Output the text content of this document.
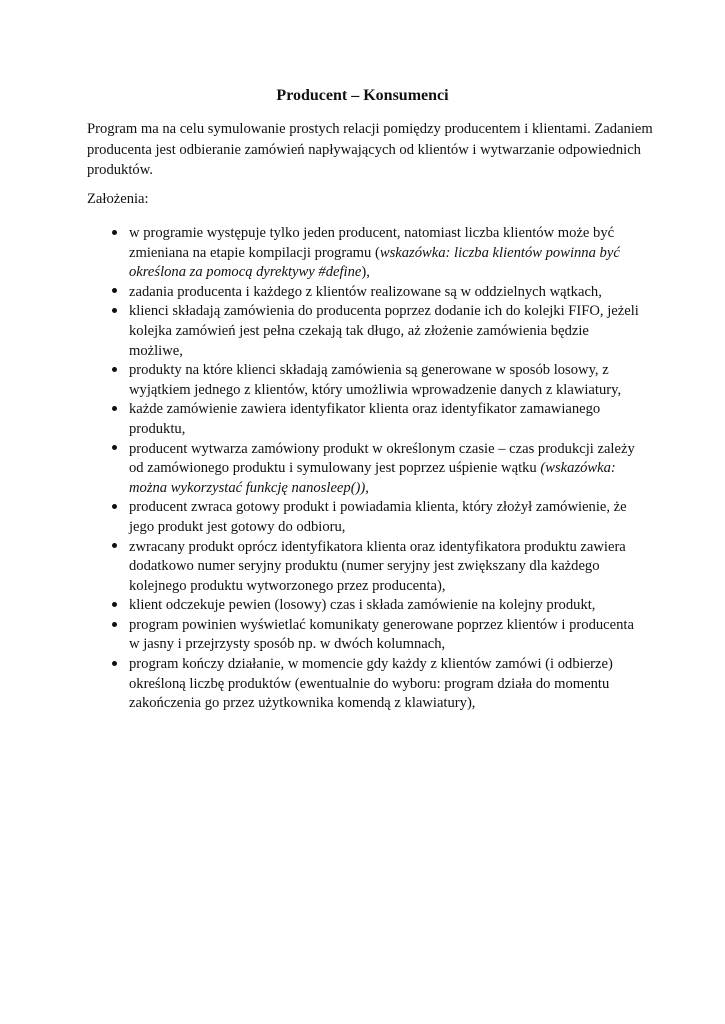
Producent – Konsumenci

Program ma na celu symulowanie prostych relacji pomiędzy producentem i klientami. Zadaniem producenta jest odbieranie zamówień napływających od klientów i wytwarzanie odpowiednich produktów.

Założenia:

w programie występuje tylko jeden producent, natomiast liczba klientów może być zmieniana na etapie kompilacji programu (wskazówka: liczba klientów powinna być określona za pomocą dyrektywy #define),
zadania producenta i każdego z klientów realizowane są w oddzielnych wątkach,
klienci składają zamówienia do producenta poprzez dodanie ich do kolejki FIFO, jeżeli kolejka zamówień jest pełna czekają tak długo, aż złożenie zamówienia będzie możliwe,
produkty na które klienci składają zamówienia są generowane w sposób losowy, z wyjątkiem jednego z klientów, który umożliwia wprowadzenie danych z klawiatury,
każde zamówienie zawiera identyfikator klienta oraz identyfikator zamawianego produktu,
producent wytwarza zamówiony produkt w określonym czasie – czas produkcji zależy od zamówionego produktu i symulowany jest poprzez uśpienie wątku (wskazówka: można wykorzystać funkcję nanosleep()),
producent zwraca gotowy produkt i powiadamia klienta, który złożył zamówienie, że jego produkt jest gotowy do odbioru,
zwracany produkt oprócz identyfikatora klienta oraz identyfikatora produktu zawiera dodatkowo numer seryjny produktu (numer seryjny jest zwiększany dla każdego kolejnego produktu wytworzonego przez producenta),
klient odczekuje pewien (losowy) czas i składa zamówienie na kolejny produkt,
program powinien wyświetlać komunikaty generowane poprzez klientów i producenta w jasny i przejrzysty sposób np. w dwóch kolumnach,
program kończy działanie, w momencie gdy każdy z klientów zamówi (i odbierze) określoną liczbę produktów (ewentualnie do wyboru: program działa do momentu zakończenia go przez użytkownika komendą z klawiatury),
